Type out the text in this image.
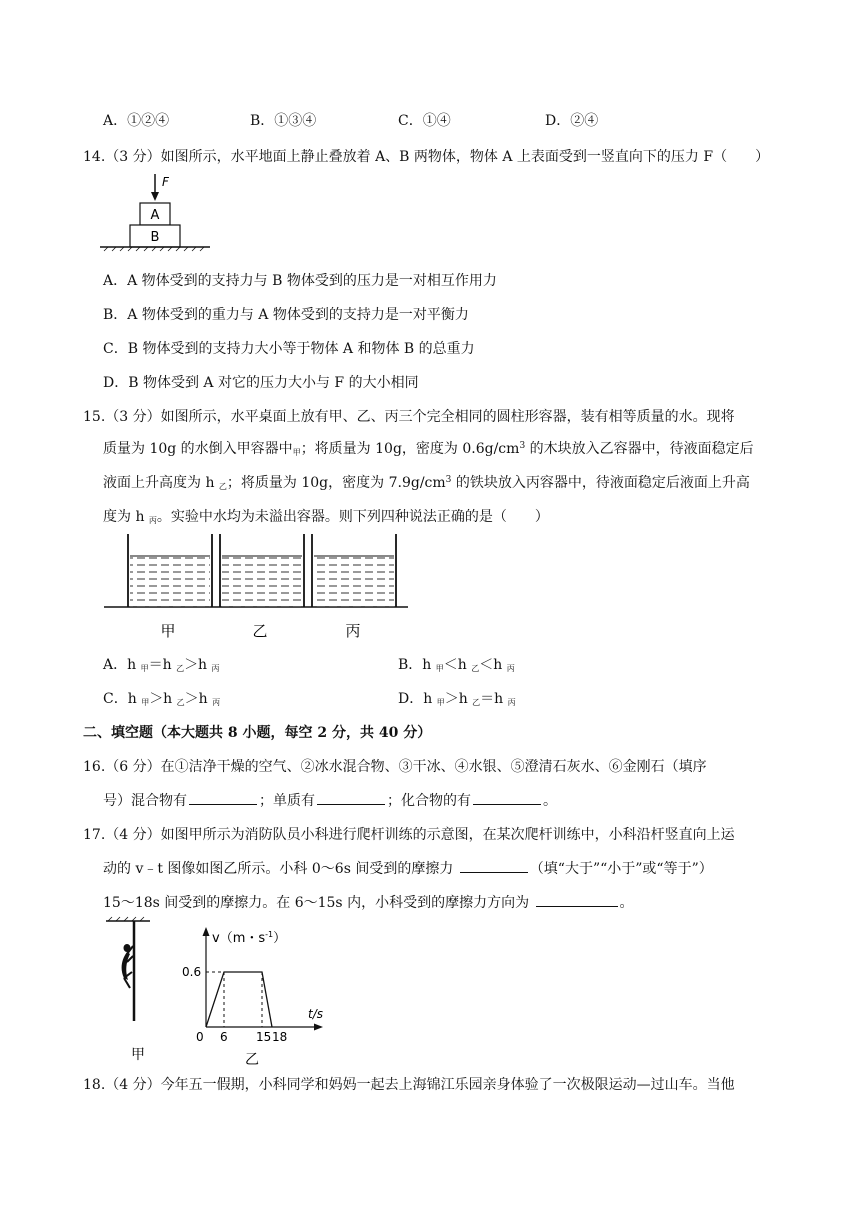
A．①②④	B．①③④	C．①④	D．②④
14.（3 分）如图所示，水平地面上静止叠放着 A、B 两物体，物体 A 上表面受到一竖直向下的压力 F（　　）
F
A
B
A．A 物体受到的支持力与 B 物体受到的压力是一对相互作用力
B．A 物体受到的重力与 A 物体受到的支持力是一对平衡力
C．B 物体受到的支持力大小等于物体 A 和物体 B 的总重力
D．B 物体受到 A 对它的压力大小与 F 的大小相同
15.（3 分）如图所示，水平桌面上放有甲、乙、丙三个完全相同的圆柱形容器，装有相等质量的水。现将
质量为 10g 的水倒入甲容器中$_甲$；将质量为 10g，密度为 $0.6g/cm^3$ 的木块放入乙容器中，待液面稳定后
液面上升高度为 h $_乙$；将质量为 10g，密度为 $7.9g/cm^3$ 的铁块放入丙容器中，待液面稳定后液面上升高
度为 h $_丙$。实验中水均为未溢出容器。则下列四种说法正确的是（　　）
甲	乙	丙
A．h $_甲$＝h $_乙$＞h $_丙$	B．h $_甲$＜h $_乙$＜h $_丙$
C．h $_甲$＞h $_乙$＞h $_丙$	D．h $_甲$＞h $_乙$＝h $_丙$
二、填空题（本大题共 8 小题，每空 2 分，共 40 分）
16.（6 分）在①洁净干燥的空气、②冰水混合物、③干冰、④水银、⑤澄清石灰水、⑥金刚石（填序
号）混合物有	；单质有	；化合物的有	。
17.（4 分）如图甲所示为消防队员小科进行爬杆训练的示意图，在某次爬杆训练中，小科沿杆竖直向上运
动的 v﹣t 图像如图乙所示。小科 0～6s 间受到的摩擦力	（填“大于”“小于”或“等于”）
15～18s 间受到的摩擦力。在 6～15s 内，小科受到的摩擦力方向为	。
甲
v（m・$s^{-1}$）
t/s
0.6
0 6 15 18
乙
18.（4 分）今年五一假期，小科同学和妈妈一起去上海锦江乐园亲身体验了一次极限运动—过山车。当他
